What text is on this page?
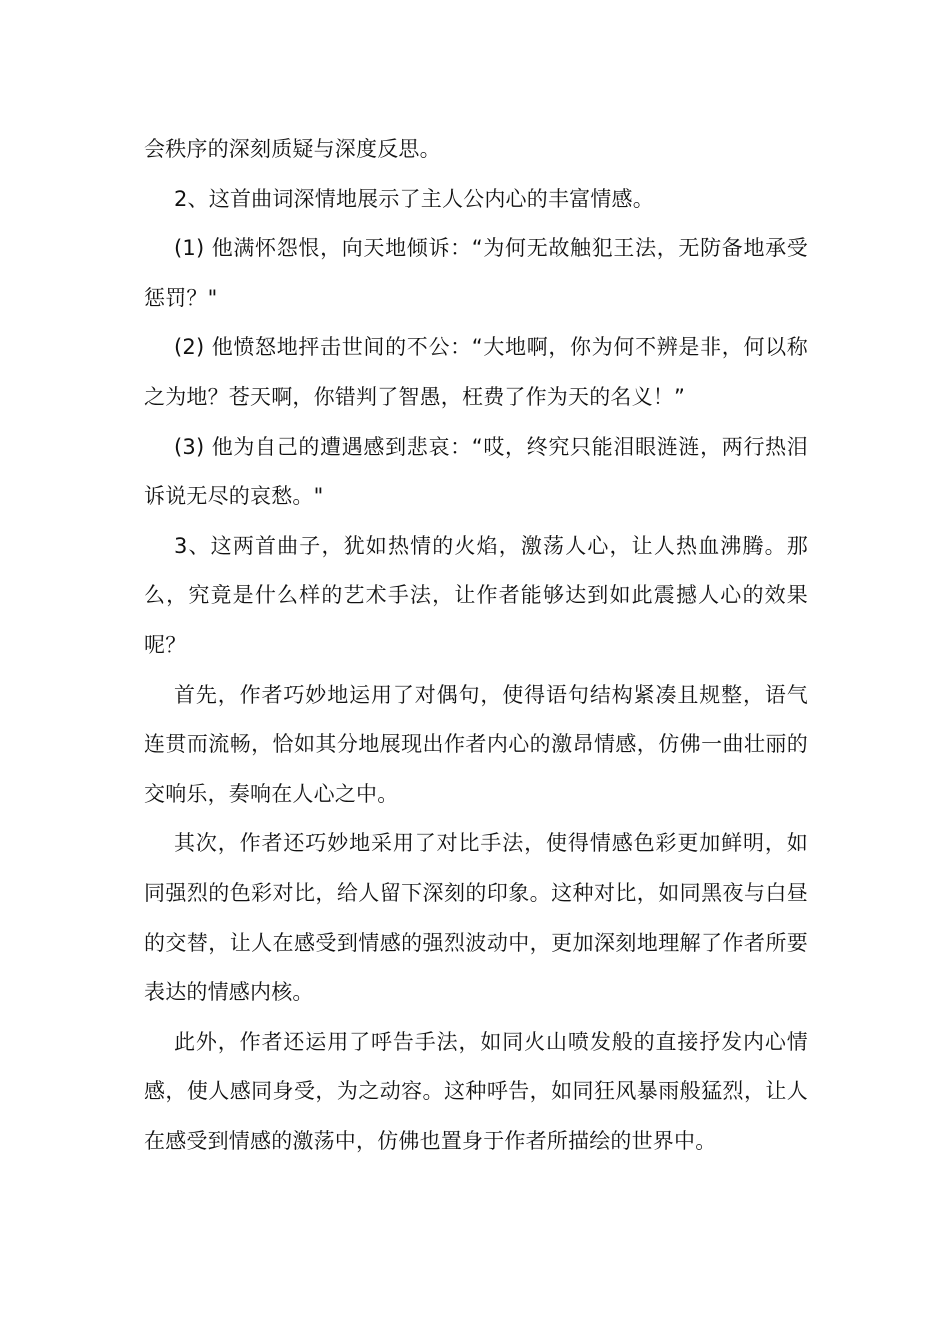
会秩序的深刻质疑与深度反思。

2、这首曲词深情地展示了主人公内心的丰富情感。

(1) 他满怀怨恨，向天地倾诉：“为何无故触犯王法，无防备地承受惩罚？"

(2) 他愤怒地抨击世间的不公：“大地啊，你为何不辨是非，何以称之为地？苍天啊，你错判了智愚，枉费了作为天的名义！”

(3) 他为自己的遭遇感到悲哀：“哎，终究只能泪眼涟涟，两行热泪诉说无尽的哀愁。"

3、这两首曲子，犹如热情的火焰，激荡人心，让人热血沸腾。那么，究竟是什么样的艺术手法，让作者能够达到如此震撼人心的效果呢？

首先，作者巧妙地运用了对偶句，使得语句结构紧凑且规整，语气连贯而流畅，恰如其分地展现出作者内心的激昂情感，仿佛一曲壮丽的交响乐，奏响在人心之中。

其次，作者还巧妙地采用了对比手法，使得情感色彩更加鲜明，如同强烈的色彩对比，给人留下深刻的印象。这种对比，如同黑夜与白昼的交替，让人在感受到情感的强烈波动中，更加深刻地理解了作者所要表达的情感内核。

此外，作者还运用了呼告手法，如同火山喷发般的直接抒发内心情感，使人感同身受，为之动容。这种呼告，如同狂风暴雨般猛烈，让人在感受到情感的激荡中，仿佛也置身于作者所描绘的世界中。
